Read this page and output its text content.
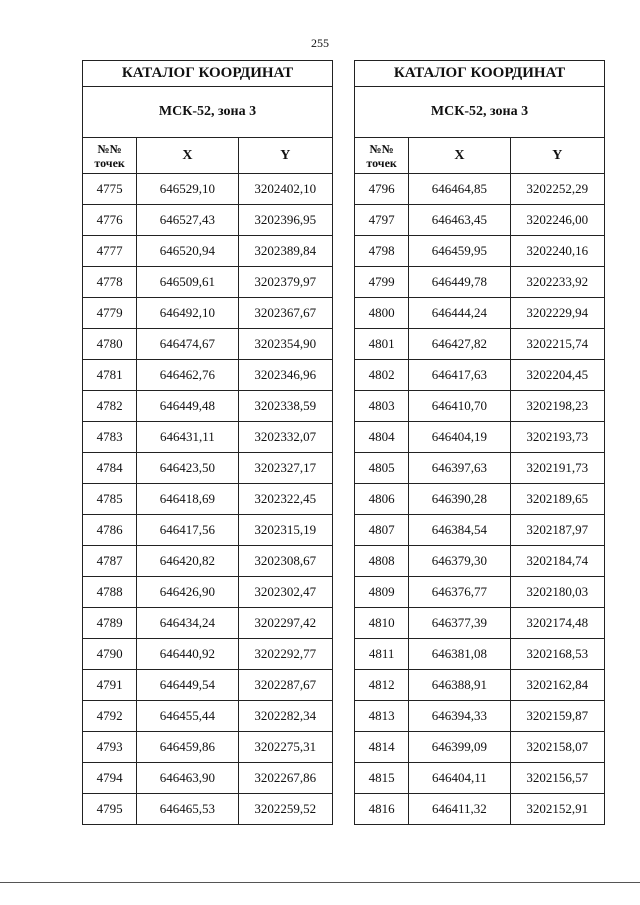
255
КАТАЛОГ КООРДИНАТ		
МСК-52, зона 3		
№№
точек	X	Y
4775	646529,10	3202402,10
4776	646527,43	3202396,95
4777	646520,94	3202389,84
4778	646509,61	3202379,97
4779	646492,10	3202367,67
4780	646474,67	3202354,90
4781	646462,76	3202346,96
4782	646449,48	3202338,59
4783	646431,11	3202332,07
4784	646423,50	3202327,17
4785	646418,69	3202322,45
4786	646417,56	3202315,19
4787	646420,82	3202308,67
4788	646426,90	3202302,47
4789	646434,24	3202297,42
4790	646440,92	3202292,77
4791	646449,54	3202287,67
4792	646455,44	3202282,34
4793	646459,86	3202275,31
4794	646463,90	3202267,86
4795	646465,53	3202259,52
КАТАЛОГ КООРДИНАТ		
МСК-52, зона 3		
№№
точек	X	Y
4796	646464,85	3202252,29
4797	646463,45	3202246,00
4798	646459,95	3202240,16
4799	646449,78	3202233,92
4800	646444,24	3202229,94
4801	646427,82	3202215,74
4802	646417,63	3202204,45
4803	646410,70	3202198,23
4804	646404,19	3202193,73
4805	646397,63	3202191,73
4806	646390,28	3202189,65
4807	646384,54	3202187,97
4808	646379,30	3202184,74
4809	646376,77	3202180,03
4810	646377,39	3202174,48
4811	646381,08	3202168,53
4812	646388,91	3202162,84
4813	646394,33	3202159,87
4814	646399,09	3202158,07
4815	646404,11	3202156,57
4816	646411,32	3202152,91
